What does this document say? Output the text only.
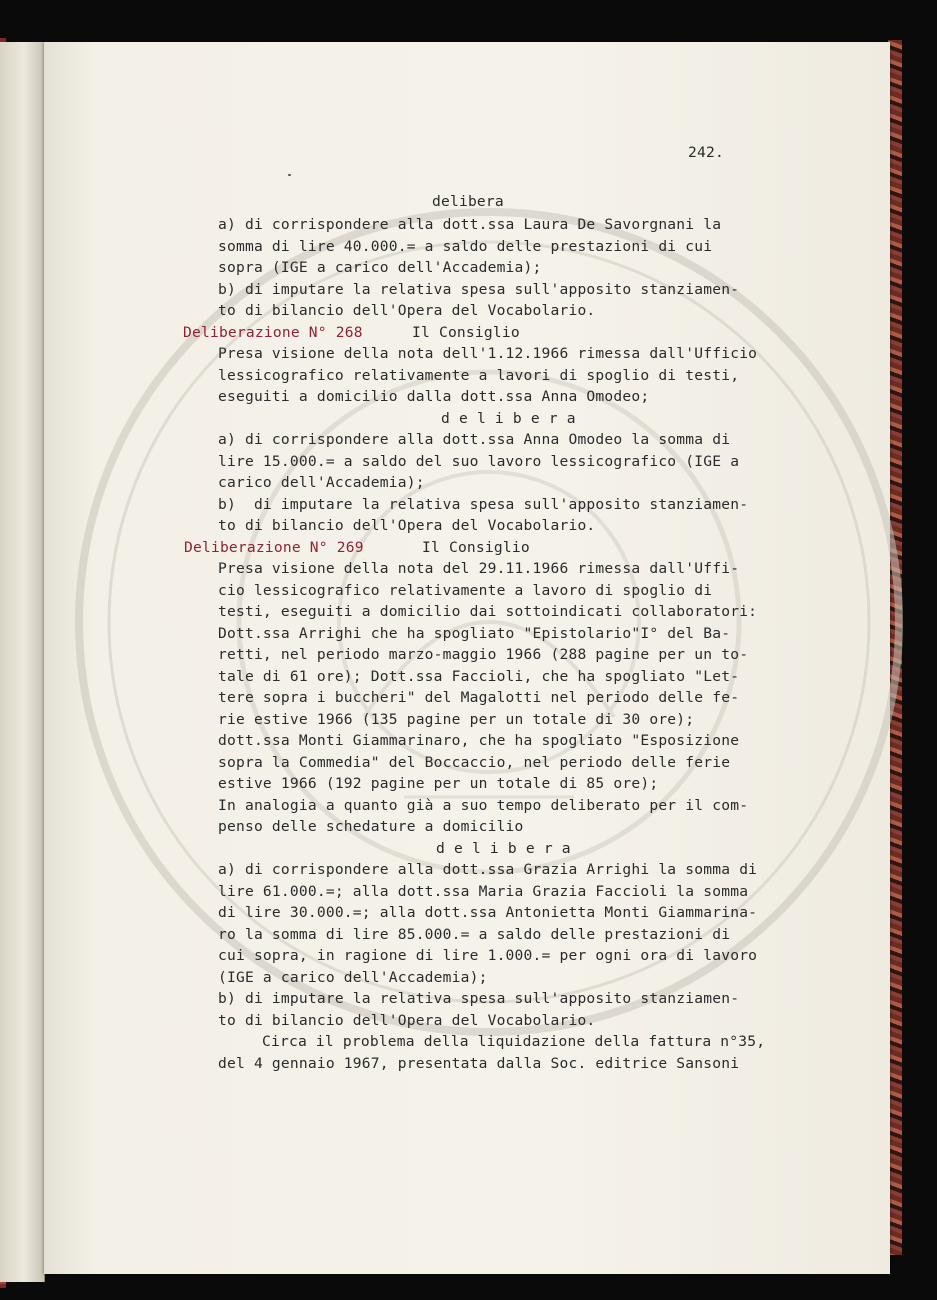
242.
delibera
a) di corrispondere alla dott.ssa Laura De Savorgnani la
somma di lire 40.000.= a saldo delle prestazioni di cui
sopra (IGE a carico dell'Accademia);
b) di imputare la relativa spesa sull'apposito stanziamen-
to di bilancio dell'Opera del Vocabolario.
Deliberazione N° 268	Il Consiglio
Presa visione della nota dell'1.12.1966 rimessa dall'Ufficio
lessicografico relativamente a lavori di spoglio di testi,
eseguiti a domicilio dalla dott.ssa Anna Omodeo;
d e l i b e r a
a) di corrispondere alla dott.ssa Anna Omodeo la somma di
lire 15.000.= a saldo del suo lavoro lessicografico (IGE a
carico dell'Accademia);
b)  di imputare la relativa spesa sull'apposito stanziamen-
to di bilancio dell'Opera del Vocabolario.
Deliberazione N° 269	Il Consiglio
Presa visione della nota del 29.11.1966 rimessa dall'Uffi-
cio lessicografico relativamente a lavoro di spoglio di
testi, eseguiti a domicilio dai sottoindicati collaboratori:
Dott.ssa Arrighi che ha spogliato "Epistolario"I° del Ba-
retti, nel periodo marzo-maggio 1966 (288 pagine per un to-
tale di 61 ore); Dott.ssa Faccioli, che ha spogliato "Let-
tere sopra i buccheri" del Magalotti nel periodo delle fe-
rie estive 1966 (135 pagine per un totale di 30 ore);
dott.ssa Monti Giammarinaro, che ha spogliato "Esposizione
sopra la Commedia" del Boccaccio, nel periodo delle ferie
estive 1966 (192 pagine per un totale di 85 ore);
In analogia a quanto già a suo tempo deliberato per il com-
penso delle schedature a domicilio
d e l i b e r a
a) di corrispondere alla dott.ssa Grazia Arrighi la somma di
lire 61.000.=; alla dott.ssa Maria Grazia Faccioli la somma
di lire 30.000.=; alla dott.ssa Antonietta Monti Giammarina-
ro la somma di lire 85.000.= a saldo delle prestazioni di
cui sopra, in ragione di lire 1.000.= per ogni ora di lavoro
(IGE a carico dell'Accademia);
b) di imputare la relativa spesa sull'apposito stanziamen-
to di bilancio dell'Opera del Vocabolario.
Circa il problema della liquidazione della fattura n°35,
del 4 gennaio 1967, presentata dalla Soc. editrice Sansoni
